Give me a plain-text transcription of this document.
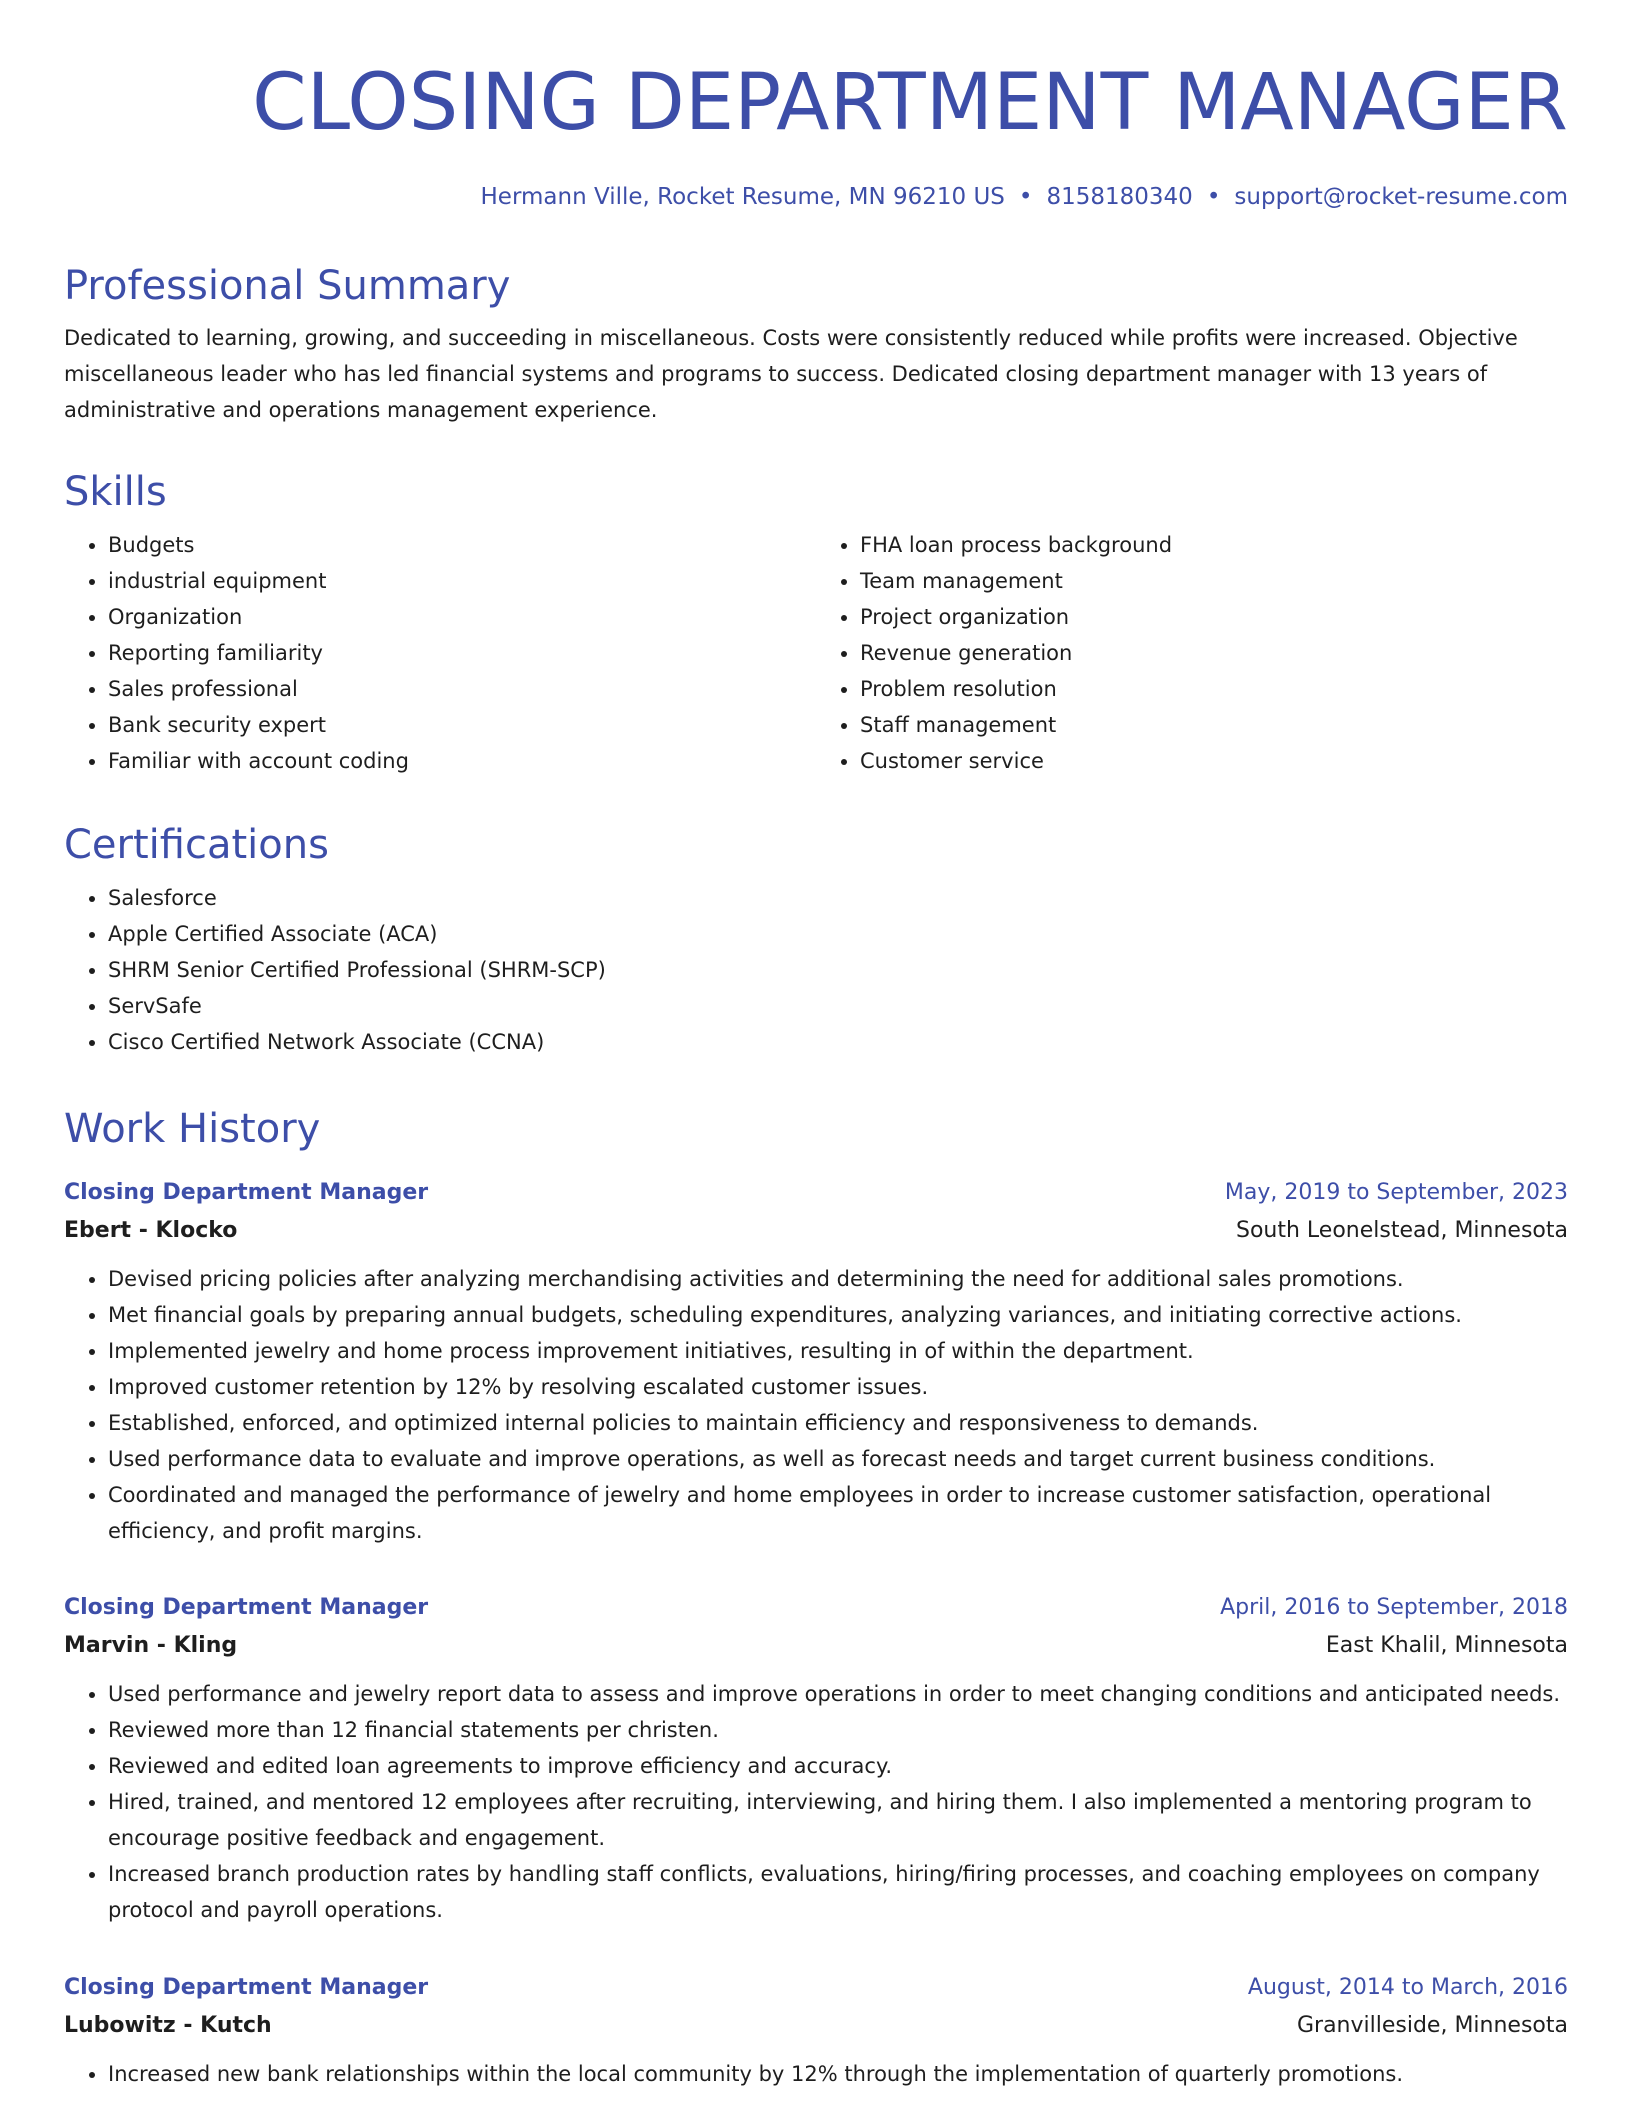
CLOSING DEPARTMENT MANAGER
Hermann Ville, Rocket Resume, MN 96210 US • 8158180340 • support@rocket-resume.com
Professional Summary

Dedicated to learning, growing, and succeeding in miscellaneous. Costs were consistently reduced while profits were increased. Objective miscellaneous leader who has led financial systems and programs to success. Dedicated closing department manager with 13 years of administrative and operations management experience.

Skills
• Budgets
• industrial equipment
• Organization
• Reporting familiarity
• Sales professional
• Bank security expert
• Familiar with account coding
• FHA loan process background
• Team management
• Project organization
• Revenue generation
• Problem resolution
• Staff management
• Customer service
Certifications
• Salesforce
• Apple Certified Associate (ACA)
• SHRM Senior Certified Professional (SHRM-SCP)
• ServSafe
• Cisco Certified Network Associate (CCNA)
Work History
Closing Department Manager	May, 2019 to September, 2023
Ebert - Klocko	South Leonelstead, Minnesota
• Devised pricing policies after analyzing merchandising activities and determining the need for additional sales promotions.
• Met financial goals by preparing annual budgets, scheduling expenditures, analyzing variances, and initiating corrective actions.
• Implemented jewelry and home process improvement initiatives, resulting in of within the department.
• Improved customer retention by 12% by resolving escalated customer issues.
• Established, enforced, and optimized internal policies to maintain efficiency and responsiveness to demands.
• Used performance data to evaluate and improve operations, as well as forecast needs and target current business conditions.
• Coordinated and managed the performance of jewelry and home employees in order to increase customer satisfaction, operational efficiency, and profit margins.
Closing Department Manager	April, 2016 to September, 2018
Marvin - Kling	East Khalil, Minnesota
• Used performance and jewelry report data to assess and improve operations in order to meet changing conditions and anticipated needs.
• Reviewed more than 12 financial statements per christen.
• Reviewed and edited loan agreements to improve efficiency and accuracy.
• Hired, trained, and mentored 12 employees after recruiting, interviewing, and hiring them. I also implemented a mentoring program to encourage positive feedback and engagement.
• Increased branch production rates by handling staff conflicts, evaluations, hiring/firing processes, and coaching employees on company protocol and payroll operations.
Closing Department Manager	August, 2014 to March, 2016
Lubowitz - Kutch	Granvilleside, Minnesota
• Increased new bank relationships within the local community by 12% through the implementation of quarterly promotions.
